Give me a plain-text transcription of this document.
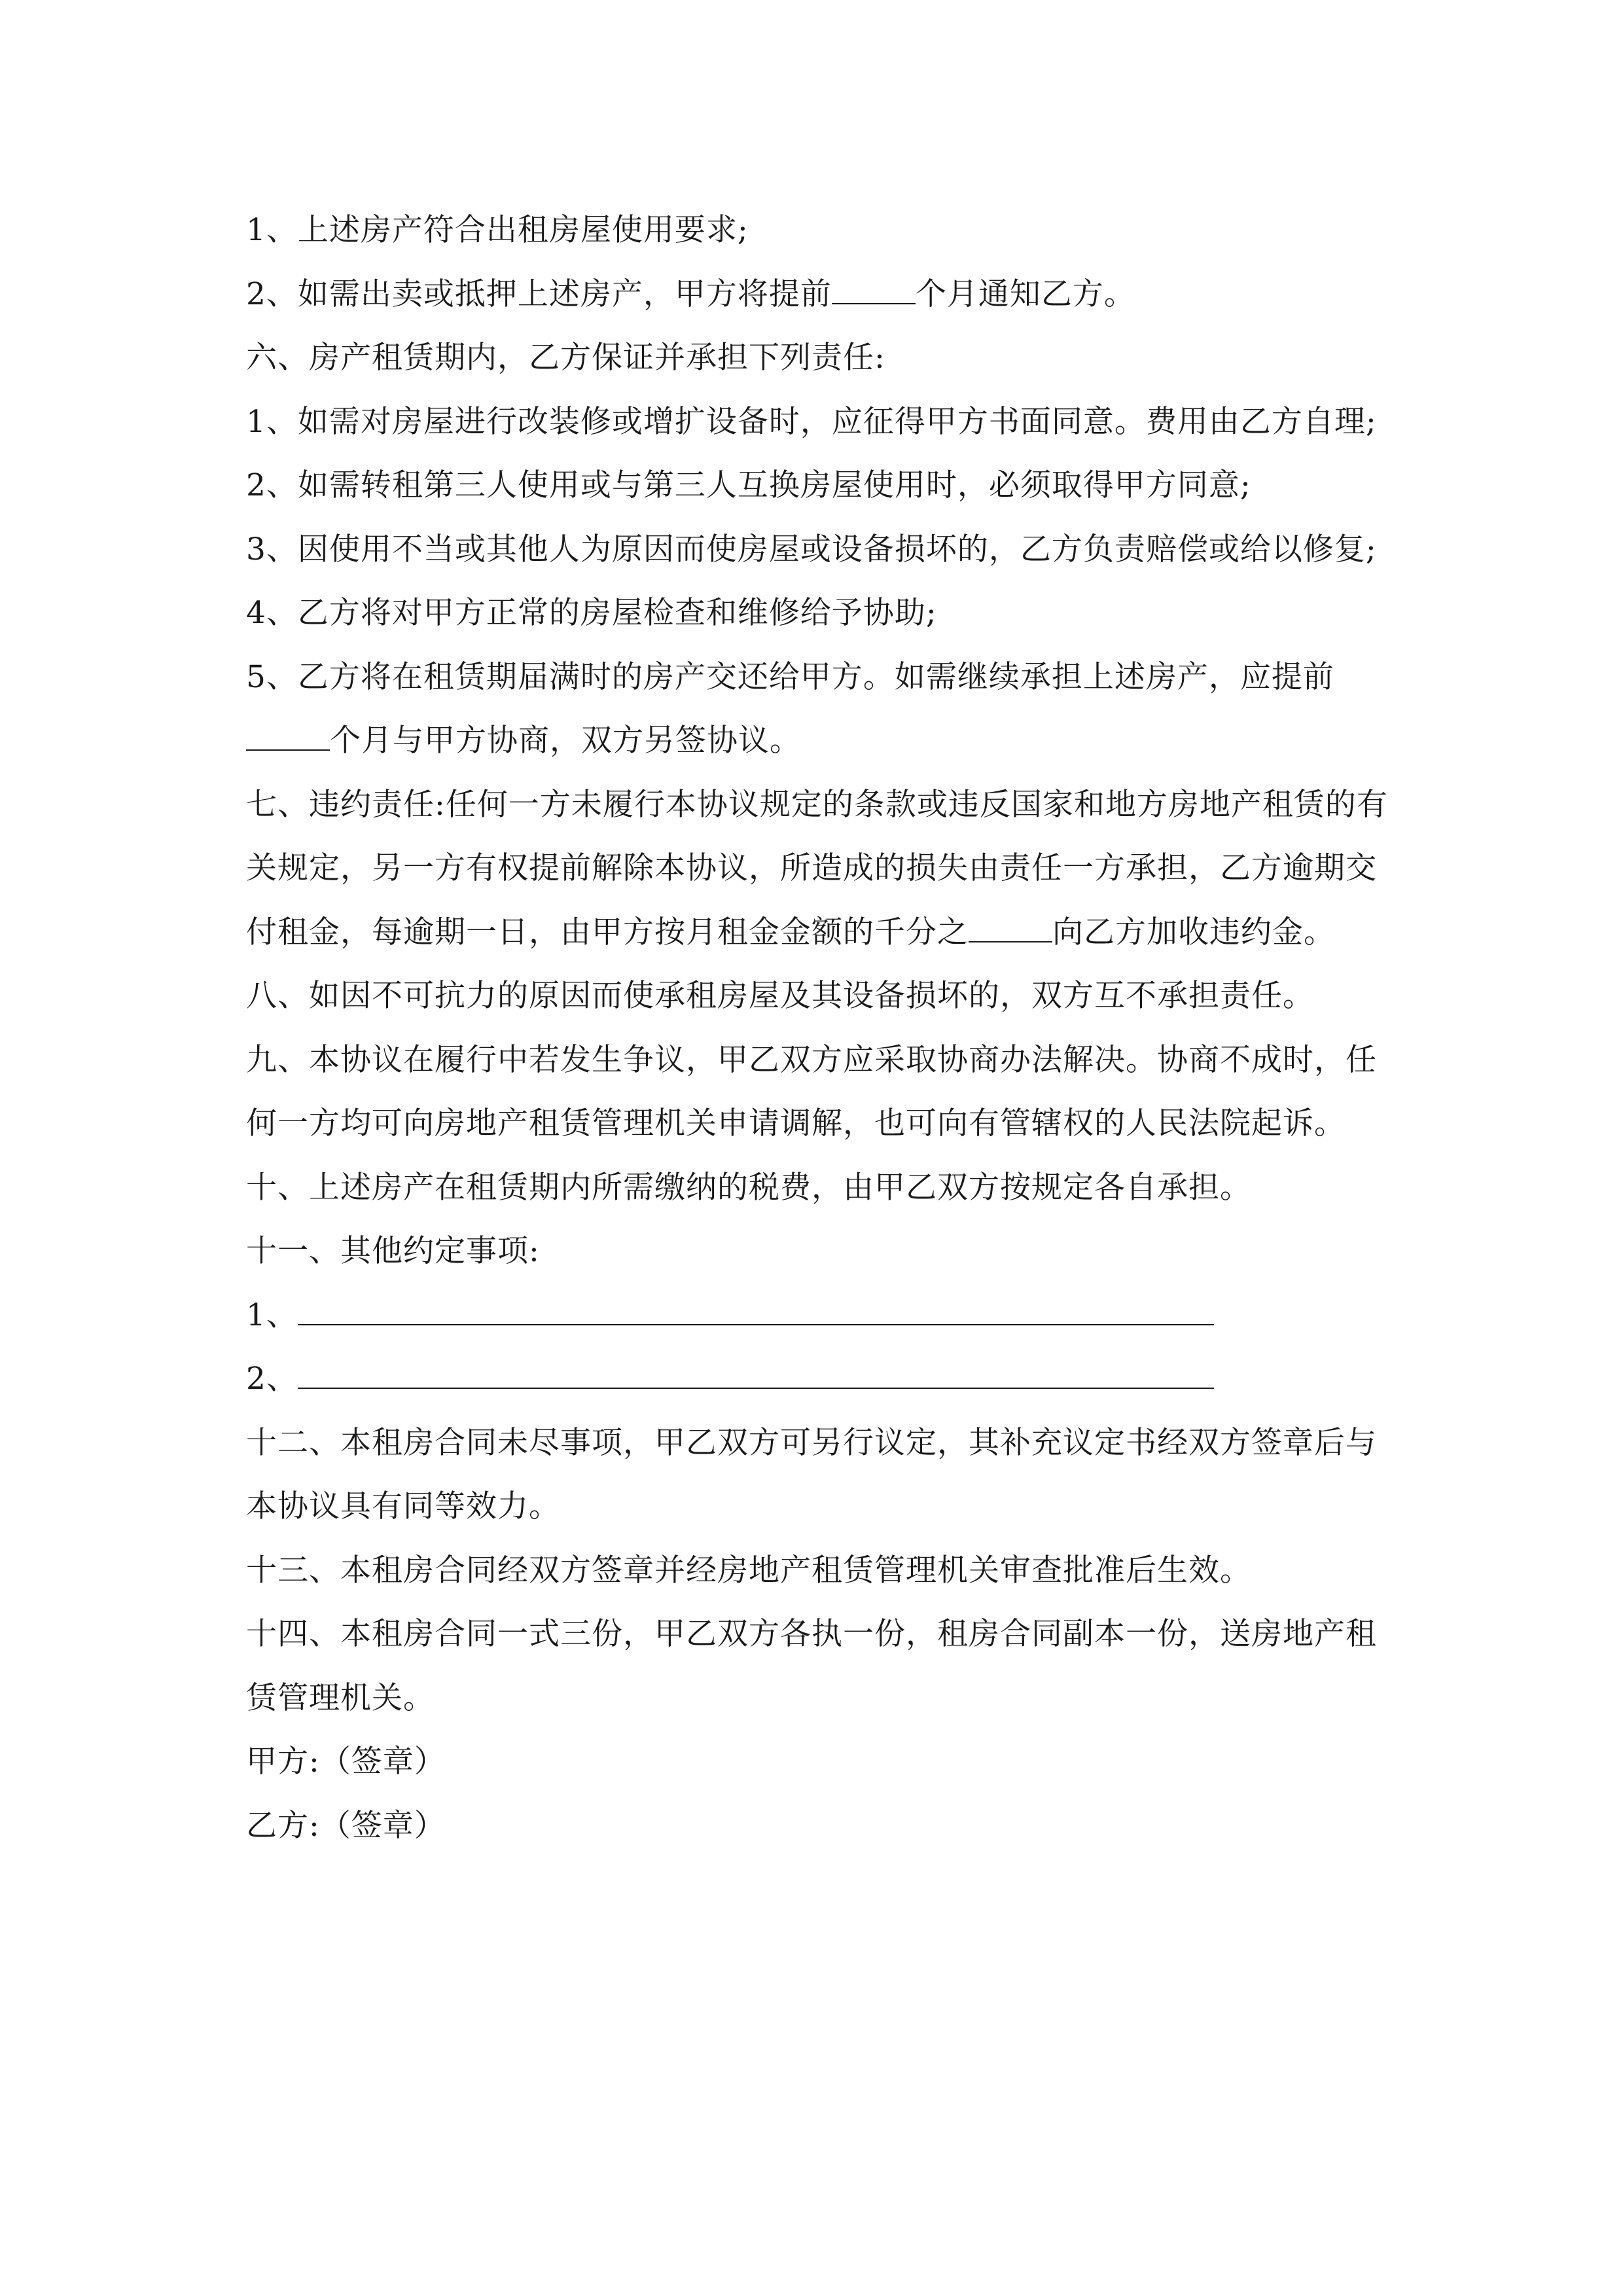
1、上述房产符合出租房屋使用要求;

2、如需出卖或抵押上述房产，甲方将提前	个月通知乙方。

六、房产租赁期内，乙方保证并承担下列责任:

1、如需对房屋进行改装修或增扩设备时，应征得甲方书面同意。费用由乙方自理;

2、如需转租第三人使用或与第三人互换房屋使用时，必须取得甲方同意;

3、因使用不当或其他人为原因而使房屋或设备损坏的，乙方负责赔偿或给以修复;

4、乙方将对甲方正常的房屋检查和维修给予协助;

5、乙方将在租赁期届满时的房产交还给甲方。如需继续承担上述房产，应提前个月与甲方协商，双方另签协议。

七、违约责任:任何一方未履行本协议规定的条款或违反国家和地方房地产租赁的有关规定，另一方有权提前解除本协议，所造成的损失由责任一方承担，乙方逾期交付租金，每逾期一日，由甲方按月租金金额的千分之	向乙方加收违约金。

八、如因不可抗力的原因而使承租房屋及其设备损坏的，双方互不承担责任。

九、本协议在履行中若发生争议，甲乙双方应采取协商办法解决。协商不成时，任何一方均可向房地产租赁管理机关申请调解，也可向有管辖权的人民法院起诉。

十、上述房产在租赁期内所需缴纳的税费，由甲乙双方按规定各自承担。

十一、其他约定事项:

1、

2、

十二、本租房合同未尽事项，甲乙双方可另行议定，其补充议定书经双方签章后与本协议具有同等效力。

十三、本租房合同经双方签章并经房地产租赁管理机关审查批准后生效。

十四、本租房合同一式三份，甲乙双方各执一份，租房合同副本一份，送房地产租赁管理机关。

甲方:（签章）

乙方:（签章）
